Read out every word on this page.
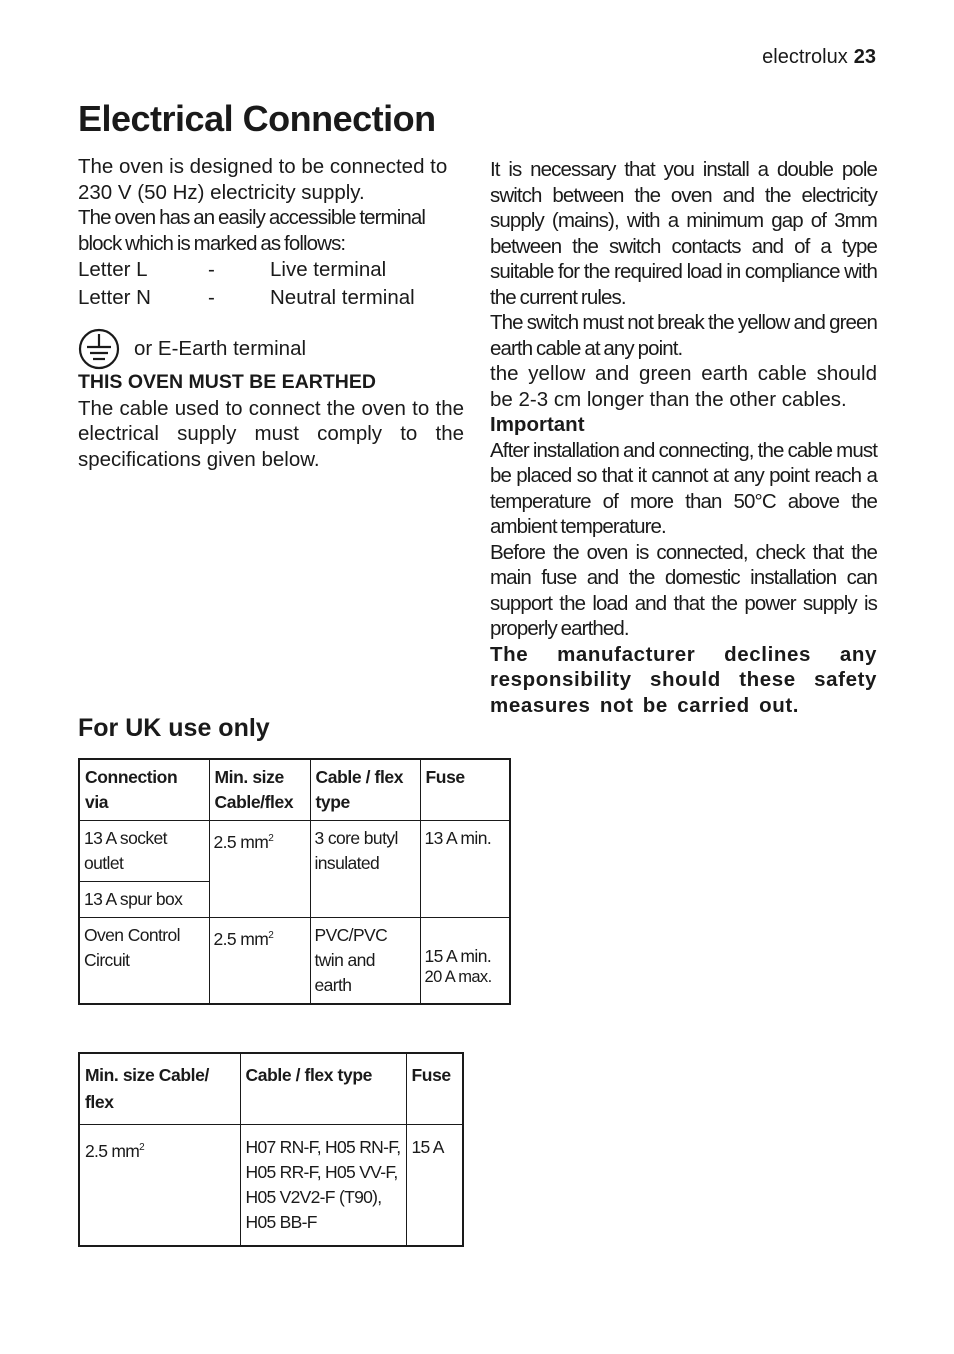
electrolux 23
Electrical Connection

The oven is designed to be connected to 230 V (50 Hz) electricity supply.

The oven has an easily accessible terminal block which is marked as follows:

Letter L	-	Live terminal
Letter N	-	Neutral terminal
or E-Earth terminal

THIS OVEN MUST BE EARTHED

The cable used to connect the oven to the electrical supply must comply to the specifications given below.

It is necessary that you install a double pole switch between the oven and the electricity supply (mains), with a minimum gap of 3mm between the switch contacts and of a type suitable for the required load in compliance with the current rules.

The switch must not break the yellow and green earth cable at any point.

the yellow and green earth cable should be 2-3 cm longer than the other cables.

Important

After installation and connecting, the cable must be placed so that it cannot at any point reach a temperature of more than 50°C above the ambient temperature.

Before the oven is connected, check that the main fuse and the domestic installation can support the load and that the power supply is properly earthed.

The manufacturer declines any responsibility should these safety measures not be carried out.

For UK use only
Connection via	Min. size Cable/flex	Cable / flex type	Fuse
13 A socket outlet	2.5 $mm^2$	3 core butyl insulated	13 A min.
13 A spur box			
Oven Control Circuit	2.5 $mm^2$	PVC/PVC twin and earth	15 A min.
20 A max.
Min. size Cable/ flex	Cable / flex type	Fuse
2.5 $mm^2$	H07 RN-F, H05 RN-F,
H05 RR-F, H05 VV-F,
H05 V2V2-F (T90),
H05 BB-F	15 A
